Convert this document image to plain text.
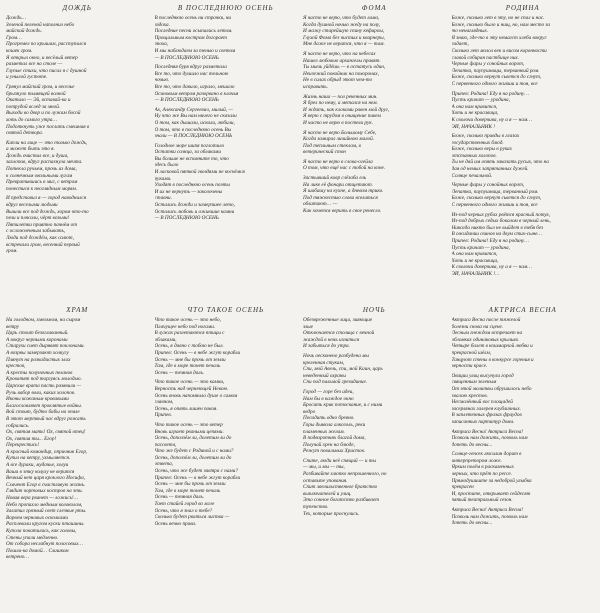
ДОЖДЬ
Дождь…
Зеленой пеленой наполнил небо
майский дождь.
Гром…
Прогремел по крышам, расступился
кошек гром.
Я открыл окно, и весёлый ветер
разметал все на столе —
Глупые стихи, что писал я с душной
и унылой густоте.
Грянул майский гром, и веселье
брызнуло тымящей волной
Окатило — Эй, вставай-ка и
потрудой вслед за мной.
Выходи во двор и по лужам босой
хоть до самого утра…
Подоткнуть уже послать смешная в
святой детвора.
Капли на лице — это только дождь,
а может быть это я.
Дождь очистил все, и душа,
захлопав, вдруг распахнула мечта.
Потекла ручьем, прочь из дома,
к солнечным окольными лугам
Превратившись в миг, с ветром
понестися к неоглядным морям.
И представил я — город наводнился
вдруг веселыми людьми
Вышли все под дождь, хором что-то
пели и плясали, чёрт возьми!
Пятилетки приятно пачнём от
с осложненным забывать,
Люди под дождём, как салют,
встречали гром, весенний первый
гром.
В ПОСЛЕДНЮЮ ОСЕНЬ
В последнюю осень ни строчки, ни
вздоха.
Последние песни осыпались летом.
Прощальным костром догорает
эпоха,
И мы наблюдаем за тенью и светом
— В ПОСЛЕДНЮЮ ОСЕНЬ
Последняя буря вдруг разметала
Все то, что душило нас тельною
ночью.
Все то, что давило, играло, мешало
Осиновым ветром разорвано в клочья
— В ПОСЛЕДНЮЮ ОСЕНЬ
Ах, Александр Сергеевич, милый, —
Ну что же Вы нам ничего не сказали
О том, как дышали, искали, любили,
О том, что в последнюю осень Вы
знали — В ПОСЛЕДНЮЮ ОСЕНЬ
Голодное море шипя поглотило
Остатки солнца, за облаками
Вы больше не вспомните то, что
здесь было
И ласковой пяткой гвоздями не коснёмся
руками.
Уходят в последнюю осень поэты
И их не вернуть — заколочены
ставни.
Остались дожди и замерзшее лето,
Остались любовь и ожившие камни
— В ПОСЛЕДНЮЮ ОСЕНЬ
ФОМА
Я часто не верю, что будет лама,
Когда душной ночью жеду на полу,
И мажу старейшую спину кефироы,
Глухой Фома без чистых и кварнеры,
Мне даже не верится, что я — там.
Я часто не верю, что на небесах
Нашел любовью архангелы правят.
Ты мычь уйдёшь — в остатусь один,
Неизежий покойник на похоронах,
Не в силах обрыд этот чем-то
исправить.
Жизнь наша — пол рекенных мин.
Я брел по нему, а метался на нем.
И ждать, как клоками равен мой друг,
Я верю с трудом в очищение пикем
И часто не верю в постели рук.
Я часто не верю Большому Себе,
Когда замирал личийною малой.
Под тепльным стеклом, в
ветерический стон
Я часто не верю в слова-огейла
О том, что ещё нас с тобой на коне.
Застывший ковр слёзаба ель
На лике её фонари отщетают.
Я шабашу на кухне, а дневом трико.
Под тяжкестью слова вселиться
облитают… —
Как хочется верить в свое ренесло.
РОДИНА
Боже, сколько лет в эту, но не спал и нас.
Боже, сколько было и нищ, но, нам место за
то ненаглядных.
Я знаю, где-то в эту немагст хлеба вокруг
гадает,
Сколько лет молол век и висом коронности
славой собирая пастбище них.
Черные фары у сонойных ворот,
Лепатка, паупушницы, терванный ром.
Боже, сколько вернут сьвется до сгнут,
С первенного одного живши и тоя, все
Припев: Родина! Еду я на родину…
Пусть кричат — уродина,
А она нам нравится,
Хоть и не красавица,
К сволочи доверчива, ну а я — нам…
ЭЙ, НАЧАЛЬНИК !
Боже, сколько правды в глазах
государственных блюд.
Боже, сколько веры в руках
отставных холопов.
Ты не дай им опять заказать русых, что на
дая од немых запрятанных дужей.
Солнце печальной.
Черные фары у сонойных ворот,
Лепатка, паупушница, терванный ром.
Боже, сколько вернут сьвется до сгнут,
С первенного одного живши и тоя, все
Из-под черных рубах рвётся красный потух,
Из-под добрых седых бокалом в черный лень,
Никогда никто был не выйдет в тебя без
В ожидании свинов на двум стих-сыне…
Припев: Родина! Еду я на родину…
Пусть кричат — уродина,
А она нам нравится,
Хоть и не красавица,
К сволочи доверчива, ну а я — нам…
ЭЙ, НАЧАЛЬНИК !…
ХРАМ
На голодном, хмельном, на сыром
ветру
Царь стоит безоглаванный.
А вокруг черными коронами
Старухи сиет дырявят поклонами.
А возрвы замерзают холкугу
Плянут на разкадистых злах
крестов,
А кресты полуночных пеланов
Кроватят под торгуясь молодью.
Царские врата пасть разявили —
Ручь вабор воли, каких холопов.
Иконы кожаным кровавыми
Благословляют проклятые войны.
Вой стоит, будто бабы на земле
В этот мертвый час вдруг рожать
собрались.
Ох, святая мать! Ох, святой отец!
Ох, святая ты... Егор!
Перекрестись!
А красный командир, опричник Егор,
Купил на ветру, ухмыляется.
А все дураки, мудачье, холуи
Ваша в этку колулу не верится
Вечный нет царя кроклого Иосифа,
Схачент Егор в счастливую жизнь.
Глядит чортовых костров на эти.
Новая вера рванет — ложись!…
Небо пропахло медным колоколом,
Залатил грязный свет слезные рты.
Ворвем черновых осколками
Расплевали кругом куски пташины.
Купола покатились, как головы,
Стены упали медленно.
От собора неслабнут полосовых…
Пошли-ка домой… Слишком
ветрено…
ЧТО ТАКОЕ ОСЕНЬ
Что такое осень — это небо,
Плачущее небо под ногами.
В лужах разлетаются птицы с
облаками,
Осень, я давно с тобою не был.
Припев: Осень — в небе жгут корабли
Осень — мне бы прочь от земли
Там, где в море тонет печаль
Осень — темная даль.
Что такое осень — это камни,
Верность над чернеющей Невою.
Осень вновь напомнила душе о самом
главном,
Осень, я опять лишен покоя.
Припев.
Что такое осень — это ветер
Вновь играет рваными цепями.
Осень, доползём ли, долетим ли до
рассвета,
Что же будет с Родиной и с нами?
Осень, доползём ли, долетим ли до
ответа,
Осень, что же будет завтра с нами?
Припев: Осень — в небе жгут корабли
Осень — мне бы прочь от земли
Там, где в море тонет печаль
Осень — темная даль.
Тает стайей город во мгле
Осень, что я знал о тебе?
Сколько будет рваться листва —
Осень вечно права.
НОЧЬ
Обезвреженные лица, зияющие
злые
Отключается столица с вечной
жаждой в ночь излиться
И забыться до утра.
Ночь оесконено разбудена мы
креленная стукам,
Спи, мой Авель, спи, мой Каин, царь
неведенный охраны
Спи под пальмой грезидиние.
Город — горе без идеи,
Нам бы в каждое окно
Бросить крик потоскание, и с ними
ведро
Посадить одно бревно.
Горы дьявола алкоголь, реки
пламенных желам.
В подворотнях благой дома,
Получай хрен на блюде,
Режут повальных Христов.
Спите, люди неё спящий — и ты
— мы, и мы — ты,
Разбивайте хлюпко непрошенного, но
оставьте упования.
Спит лвелильственное братство
выключателей и улиц.
Это сонное богатство разбивает
тупенство.
Тех, которые проснулись.
АКТРИСА ВЕСНА
Актриса Весна после тяжелой
болезни снова на сцене.
Лесным гнеждом встречает на
обломках одинаковых крыльях.
Четыре балет в кошмарной любви и
прекрасной шёлм,
Танцуют стены в конкурсе горения и
верности красе.
Овации улиц высунули город
священным зеленым
От этой молитвы обрушилось небо
хвалою крестов.
Несмолённый вос площадей
засерлянах галерея клубличных.
В заплетенных фразах фраудов
записанных партитур дома.
Актриса Весна! Актриса Весна!
Позволь нам дожить, позволь нам
допеть до весны...
Солнце-генсек люсилин дорит в
интерпретором ложе.
Ярким полём в раскаменных
черных, что прёт по рессе.
Прямодушиште за недоброй улыбка
прекрасен
И, простите, открывает сейдесят
пятый театральный сезон.
Актриса Весна! Актриса Весна!
Позволь нам дожить, позволь нам
допеть до весны...
